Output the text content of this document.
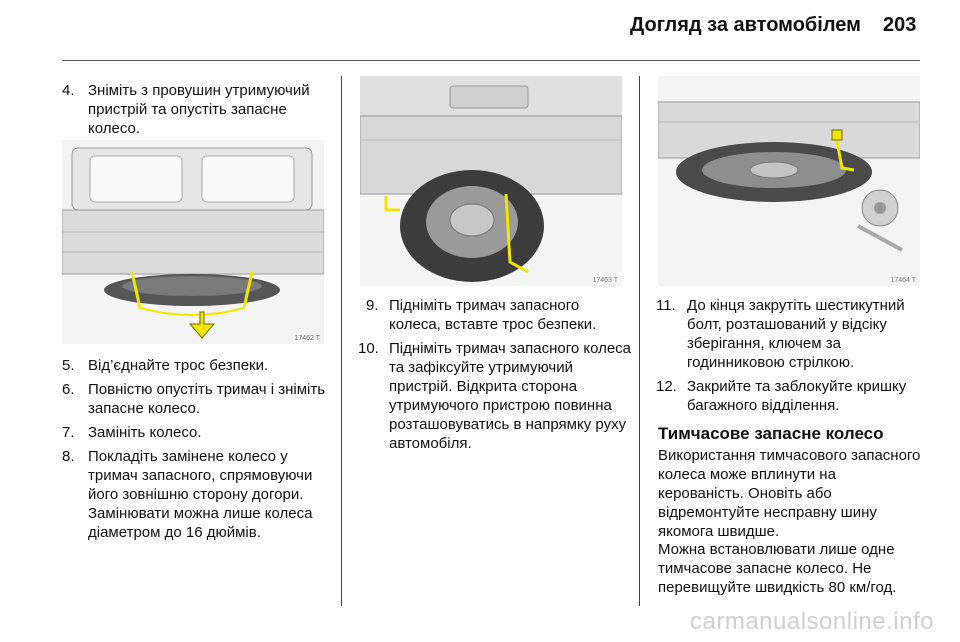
Догляд за автомобілем 203
4. Зніміть з провушин утримуючий пристрій та опустіть запасне колесо.
17462 T
5. Від’єднайте трос безпеки.
6. Повністю опустіть тримач і зніміть запасне колесо.
7. Замініть колесо.
8. Покладіть замінене колесо у тримач запасного, спрямовуючи його зовнішню сторону догори. Замінювати можна лише колеса діаметром до 16 дюймів.
17463 T
9. Підніміть тримач запасного колеса, вставте трос безпеки.
10. Підніміть тримач запасного колеса та зафіксуйте утримуючий пристрій. Відкрита сторона утримуючого пристрою повинна розташовуватись в напрямку руху автомобіля.
17464 T
11. До кінця закрутіть шестикутний болт, розташований у відсіку зберігання, ключем за годинниковою стрілкою.
12. Закрийте та заблокуйте кришку багажного відділення.
Тимчасове запасне колесо
Використання тимчасового запасного колеса може вплинути на керованість. Оновіть або відремонтуйте несправну шину якомога швидше.
Можна встановлювати лише одне тимчасове запасне колесо. Не перевищуйте швидкість 80 км/год.
carmanualsonline.info
